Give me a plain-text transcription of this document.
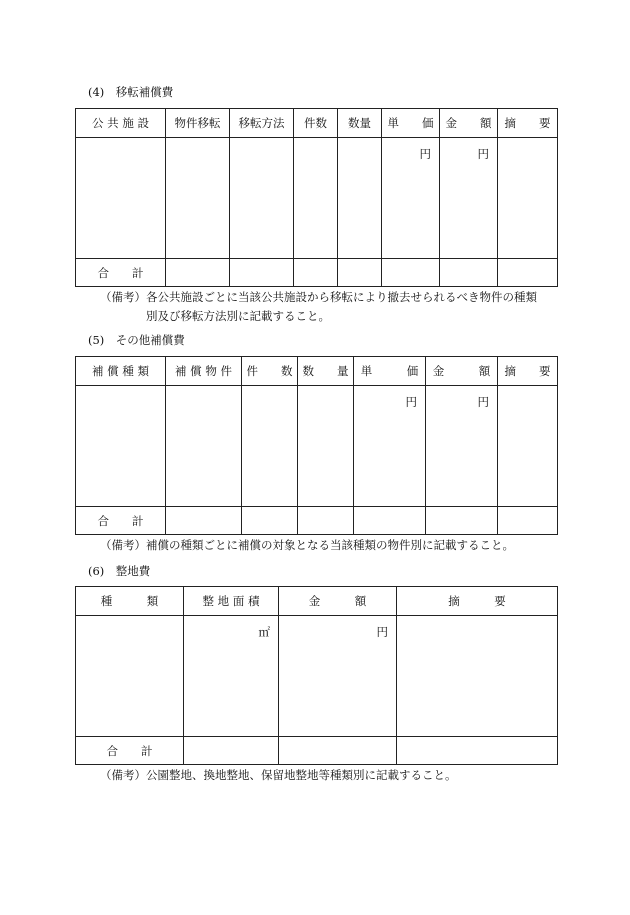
(4)　移転補償費
公 共 施 設	物件移転	移転方法	件数	数量	単　　価	金　　額	摘　　要
					円	円	
合　　計							
（備考）各公共施設ごとに当該公共施設から移転により撤去せられるべき物件の種類
別及び移転方法別に記載すること。
(5)　その他補償費
補 償 種 類	補 償 物 件	件　　数	数　　量	単　　　価	金　　　額	摘　　要
				円	円	
合　　計						
（備考）補償の種類ごとに補償の対象となる当該種類の物件別に記載すること。
(6)　整地費
種　　　類	整 地 面 積	金　　　額	摘　　　要
	㎡	円	
合　　計			
（備考）公園整地、換地整地、保留地整地等種類別に記載すること。
